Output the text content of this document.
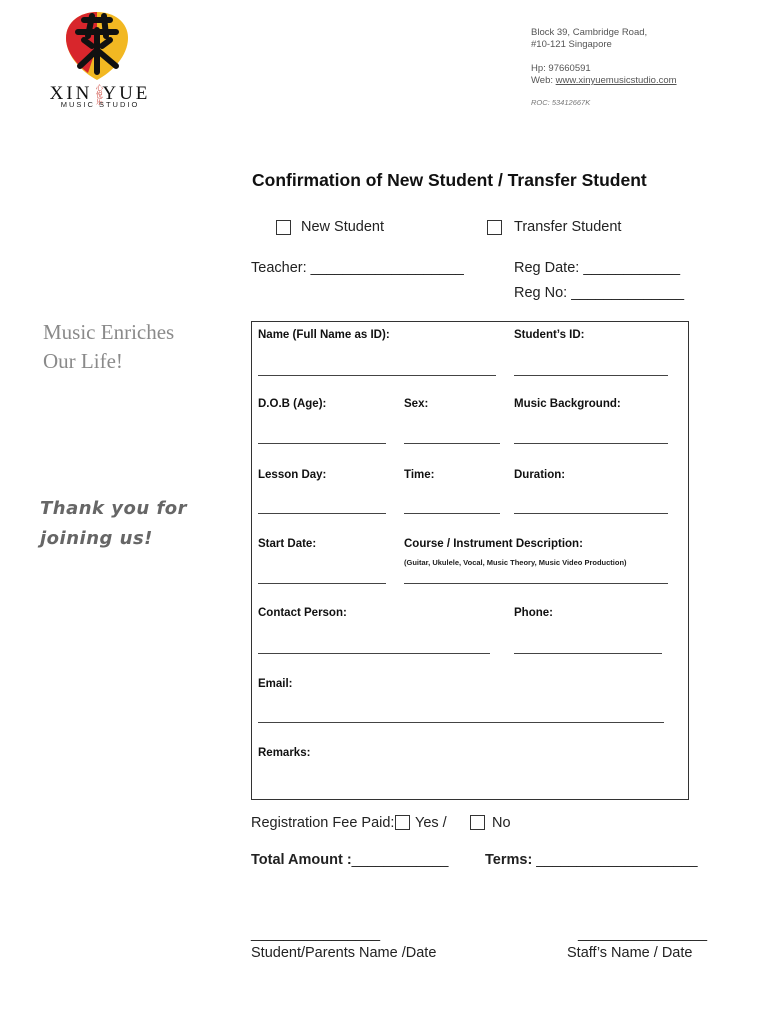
XIN 心悦乐YUE
MUSIC STUDIO
Block 39, Cambridge Road,
#10-121 Singapore
Hp: 97660591
Web: www.xinyuemusicstudio.com
ROC: 53412667K
Music Enriches
Our Life!
Thank you for
joining us!
Confirmation of New Student / Transfer Student
New Student	Transfer Student
Teacher: ___________________	Reg Date: ____________
Reg No: ______________
Name (Full Name as ID):	Student’s ID:
D.O.B (Age):	Sex:	Music Background:
Lesson Day:	Time:	Duration:
Start Date:	Course / Instrument Description:
(Guitar, Ukulele, Vocal, Music Theory, Music Video Production)
Contact Person:	Phone:
Email:
Remarks:
Registration Fee Paid: Yes /	No
Total Amount :____________	Terms: ____________________
________________
Student/Parents Name /Date
________________
Staff’s Name / Date
